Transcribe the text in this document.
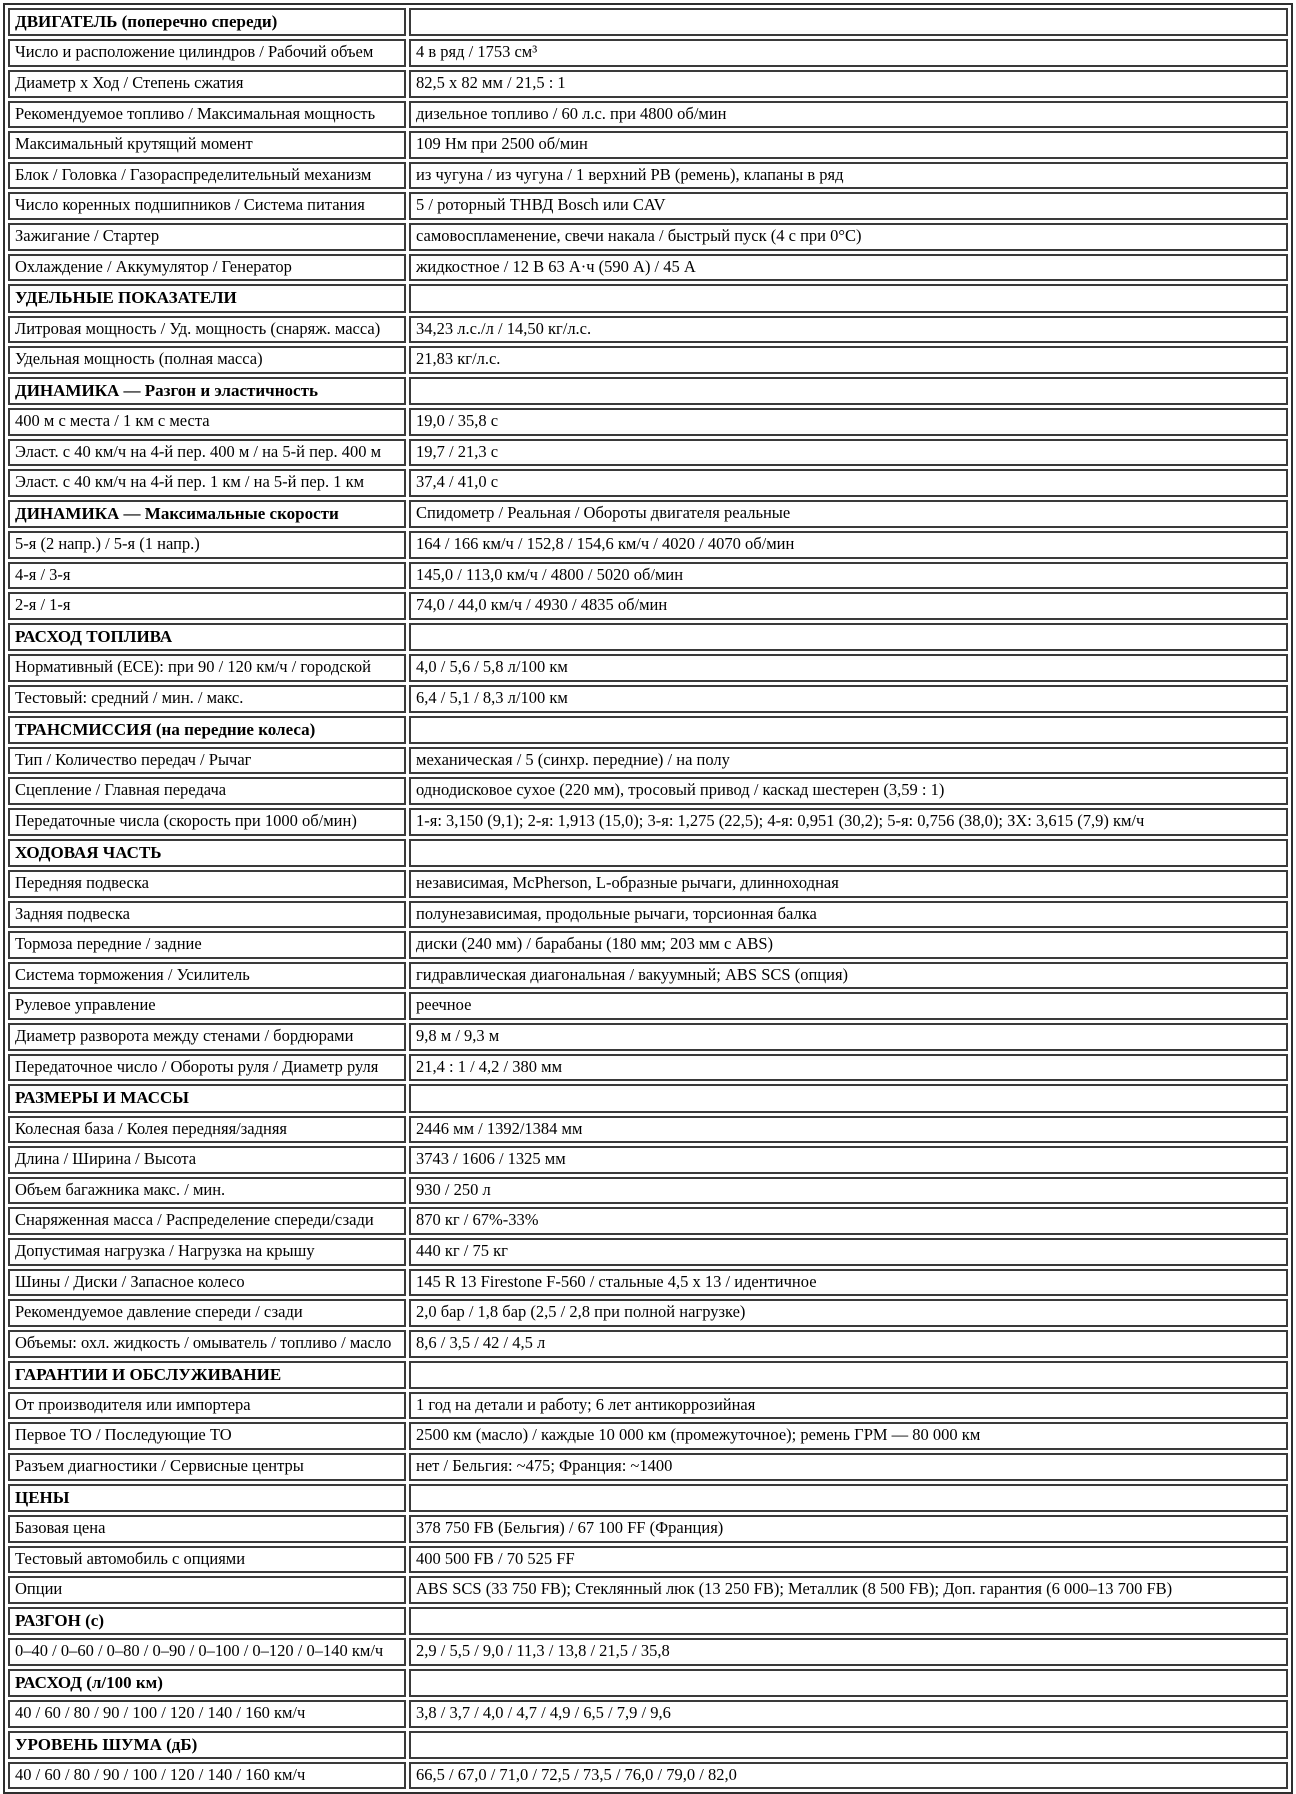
ДВИГАТЕЛЬ (поперечно спереди)	
Число и расположение цилиндров / Рабочий объем	4 в ряд / 1753 см³
Диаметр x Ход / Степень сжатия	82,5 x 82 мм / 21,5 : 1
Рекомендуемое топливо / Максимальная мощность	дизельное топливо / 60 л.с. при 4800 об/мин
Максимальный крутящий момент	109 Нм при 2500 об/мин
Блок / Головка / Газораспределительный механизм	из чугуна / из чугуна / 1 верхний РВ (ремень), клапаны в ряд
Число коренных подшипников / Система питания	5 / роторный ТНВД Bosch или CAV
Зажигание / Стартер	самовоспламенение, свечи накала / быстрый пуск (4 с при 0°С)
Охлаждение / Аккумулятор / Генератор	жидкостное / 12 В 63 А·ч (590 А) / 45 А
УДЕЛЬНЫЕ ПОКАЗАТЕЛИ	
Литровая мощность / Уд. мощность (снаряж. масса)	34,23 л.с./л / 14,50 кг/л.с.
Удельная мощность (полная масса)	21,83 кг/л.с.
ДИНАМИКА — Разгон и эластичность	
400 м с места / 1 км с места	19,0 / 35,8 с
Эласт. с 40 км/ч на 4-й пер. 400 м / на 5-й пер. 400 м	19,7 / 21,3 с
Эласт. с 40 км/ч на 4-й пер. 1 км / на 5-й пер. 1 км	37,4 / 41,0 с
ДИНАМИКА — Максимальные скорости	Спидометр / Реальная / Обороты двигателя реальные
5-я (2 напр.) / 5-я (1 напр.)	164 / 166 км/ч / 152,8 / 154,6 км/ч / 4020 / 4070 об/мин
4-я / 3-я	145,0 / 113,0 км/ч / 4800 / 5020 об/мин
2-я / 1-я	74,0 / 44,0 км/ч / 4930 / 4835 об/мин
РАСХОД ТОПЛИВА	
Нормативный (ECE): при 90 / 120 км/ч / городской	4,0 / 5,6 / 5,8 л/100 км
Тестовый: средний / мин. / макс.	6,4 / 5,1 / 8,3 л/100 км
ТРАНСМИССИЯ (на передние колеса)	
Тип / Количество передач / Рычаг	механическая / 5 (синхр. передние) / на полу
Сцепление / Главная передача	однодисковое сухое (220 мм), тросовый привод / каскад шестерен (3,59 : 1)
Передаточные числа (скорость при 1000 об/мин)	1-я: 3,150 (9,1); 2-я: 1,913 (15,0); 3-я: 1,275 (22,5); 4-я: 0,951 (30,2); 5-я: 0,756 (38,0); ЗХ: 3,615 (7,9) км/ч
ХОДОВАЯ ЧАСТЬ	
Передняя подвеска	независимая, McPherson, L-образные рычаги, длинноходная
Задняя подвеска	полунезависимая, продольные рычаги, торсионная балка
Тормоза передние / задние	диски (240 мм) / барабаны (180 мм; 203 мм с ABS)
Система торможения / Усилитель	гидравлическая диагональная / вакуумный; ABS SCS (опция)
Рулевое управление	реечное
Диаметр разворота между стенами / бордюрами	9,8 м / 9,3 м
Передаточное число / Обороты руля / Диаметр руля	21,4 : 1 / 4,2 / 380 мм
РАЗМЕРЫ И МАССЫ	
Колесная база / Колея передняя/задняя	2446 мм / 1392/1384 мм
Длина / Ширина / Высота	3743 / 1606 / 1325 мм
Объем багажника макс. / мин.	930 / 250 л
Снаряженная масса / Распределение спереди/сзади	870 кг / 67%-33%
Допустимая нагрузка / Нагрузка на крышу	440 кг / 75 кг
Шины / Диски / Запасное колесо	145 R 13 Firestone F-560 / стальные 4,5 x 13 / идентичное
Рекомендуемое давление спереди / сзади	2,0 бар / 1,8 бар (2,5 / 2,8 при полной нагрузке)
Объемы: охл. жидкость / омыватель / топливо / масло	8,6 / 3,5 / 42 / 4,5 л
ГАРАНТИИ И ОБСЛУЖИВАНИЕ	
От производителя или импортера	1 год на детали и работу; 6 лет антикоррозийная
Первое ТО / Последующие ТО	2500 км (масло) / каждые 10 000 км (промежуточное); ремень ГРМ — 80 000 км
Разъем диагностики / Сервисные центры	нет / Бельгия: ~475; Франция: ~1400
ЦЕНЫ	
Базовая цена	378 750 FB (Бельгия) / 67 100 FF (Франция)
Тестовый автомобиль с опциями	400 500 FB / 70 525 FF
Опции	ABS SCS (33 750 FB); Стеклянный люк (13 250 FB); Металлик (8 500 FB); Доп. гарантия (6 000–13 700 FB)
РАЗГОН (с)	
0–40 / 0–60 / 0–80 / 0–90 / 0–100 / 0–120 / 0–140 км/ч	2,9 / 5,5 / 9,0 / 11,3 / 13,8 / 21,5 / 35,8
РАСХОД (л/100 км)	
40 / 60 / 80 / 90 / 100 / 120 / 140 / 160 км/ч	3,8 / 3,7 / 4,0 / 4,7 / 4,9 / 6,5 / 7,9 / 9,6
УРОВЕНЬ ШУМА (дБ)	
40 / 60 / 80 / 90 / 100 / 120 / 140 / 160 км/ч	66,5 / 67,0 / 71,0 / 72,5 / 73,5 / 76,0 / 79,0 / 82,0
